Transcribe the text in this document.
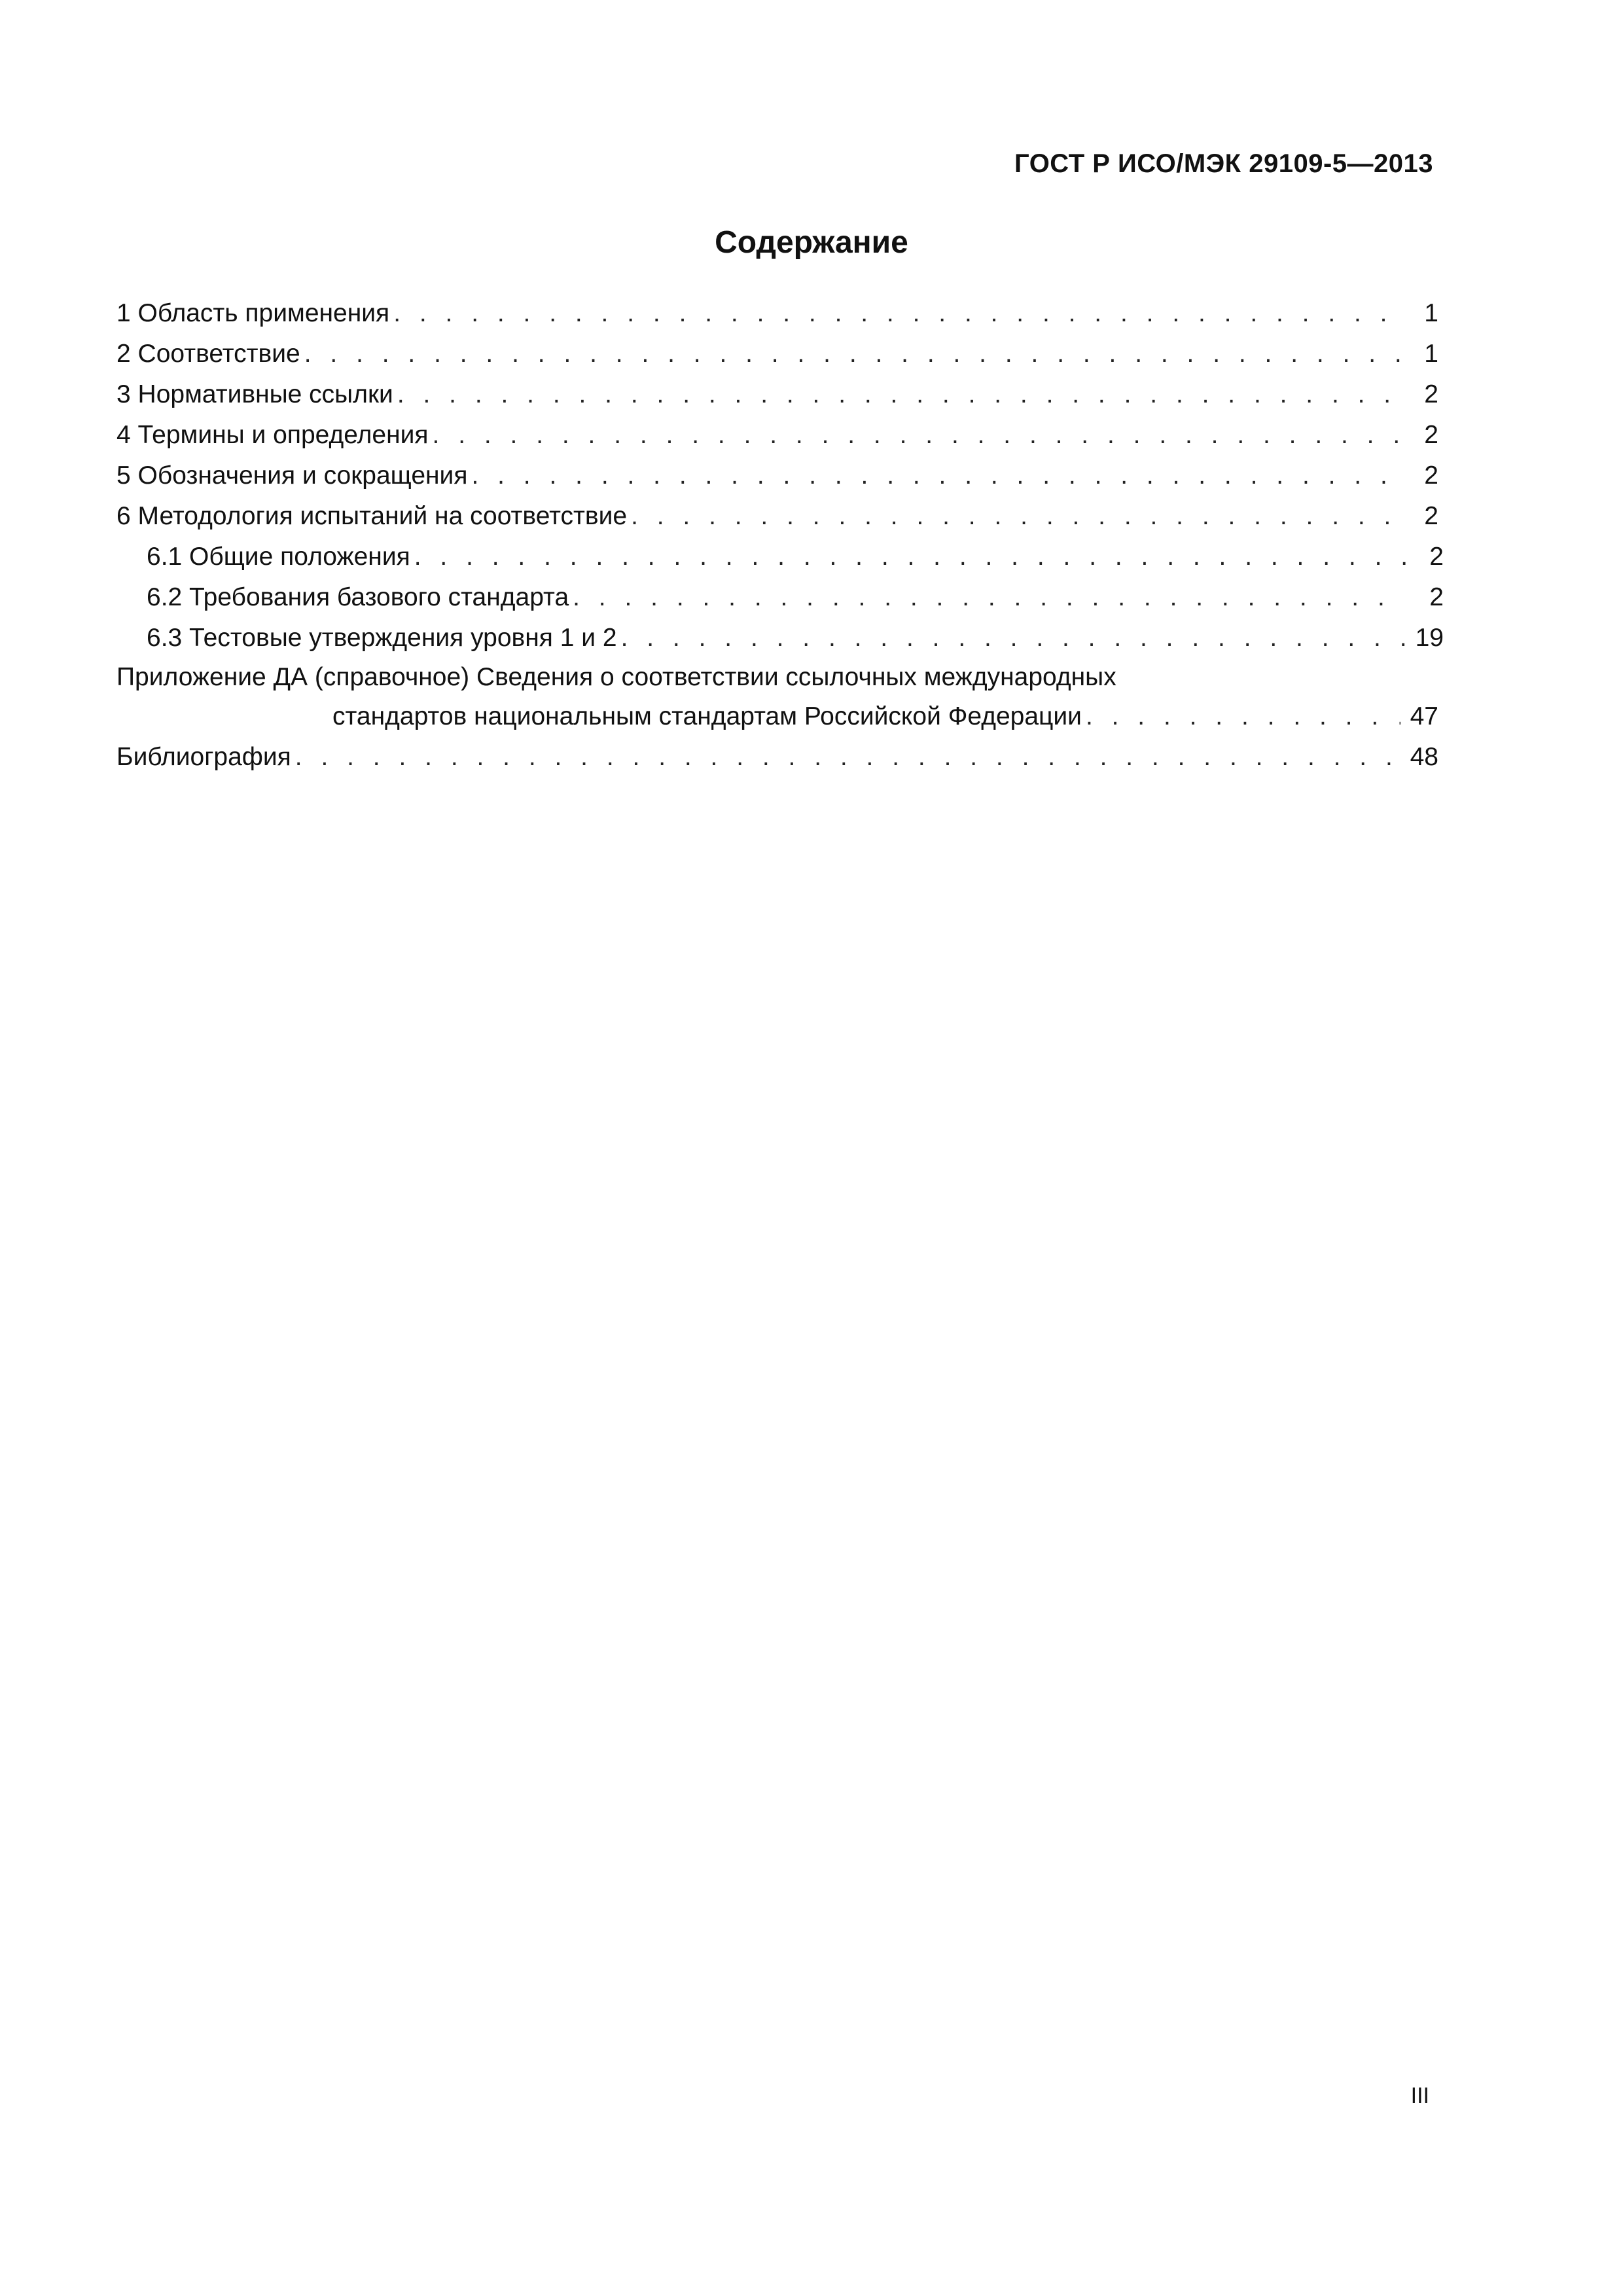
ГОСТ Р ИСО/МЭК 29109-5—2013
Содержание
1 Область применения . . .	1
2 Соответствие . . .	1
3 Нормативные ссылки . . .	2
4 Термины и определения . . .	2
5 Обозначения и сокращения . . .	2
6 Методология испытаний на соответствие . . .	2
6.1 Общие положения . . .	2
6.2 Требования базового стандарта . . .	2
6.3 Тестовые утверждения уровня 1 и 2 . . .	19
Приложение ДА (справочное) Сведения о соответствии ссылочных международных
стандартов национальным стандартам Российской Федерации . . .	47
Библиография . . .	48
III
